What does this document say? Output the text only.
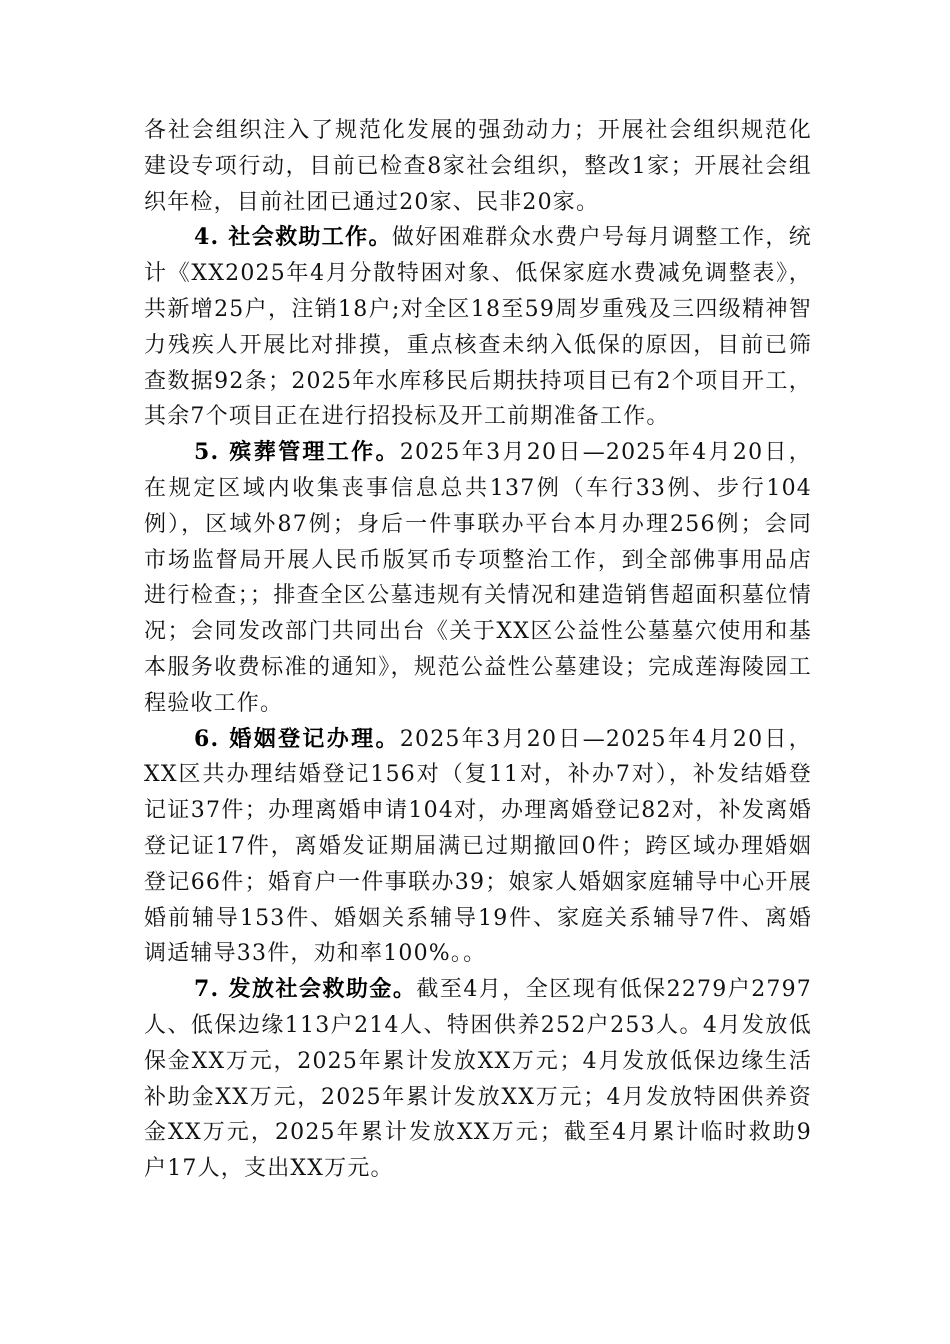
各社会组织注入了规范化发展的强劲动力；开展社会组织规范化建设专项行动，目前已检查8家社会组织，整改1家；开展社会组织年检，目前社团已通过20家、民非20家。

4. 社会救助工作。做好困难群众水费户号每月调整工作，统计《XX2025年4月分散特困对象、低保家庭水费减免调整表》，共新增25户，注销18户;对全区18至59周岁重残及三四级精神智力残疾人开展比对排摸，重点核查未纳入低保的原因，目前已筛查数据92条；2025年水库移民后期扶持项目已有2个项目开工，其余7个项目正在进行招投标及开工前期准备工作。

5. 殡葬管理工作。2025年3月20日—2025年4月20日，在规定区域内收集丧事信息总共137例（车行33例、步行104例），区域外87例；身后一件事联办平台本月办理256例；会同市场监督局开展人民币版冥币专项整治工作，到全部佛事用品店进行检查；；排查全区公墓违规有关情况和建造销售超面积墓位情况；会同发改部门共同出台《关于XX区公益性公墓墓穴使用和基本服务收费标准的通知》，规范公益性公墓建设；完成莲海陵园工程验收工作。

6. 婚姻登记办理。2025年3月20日—2025年4月20日，XX区共办理结婚登记156对（复11对，补办7对），补发结婚登记证37件；办理离婚申请104对，办理离婚登记82对，补发离婚登记证17件，离婚发证期届满已过期撤回0件；跨区域办理婚姻登记66件；婚育户一件事联办39；娘家人婚姻家庭辅导中心开展婚前辅导153件、婚姻关系辅导19件、家庭关系辅导7件、离婚调适辅导33件，劝和率100%。。

7. 发放社会救助金。截至4月，全区现有低保2279户2797人、低保边缘113户214人、特困供养252户253人。4月发放低保金XX万元，2025年累计发放XX万元；4月发放低保边缘生活补助金XX万元，2025年累计发放XX万元；4月发放特困供养资金XX万元，2025年累计发放XX万元；截至4月累计临时救助9户17人，支出XX万元。
